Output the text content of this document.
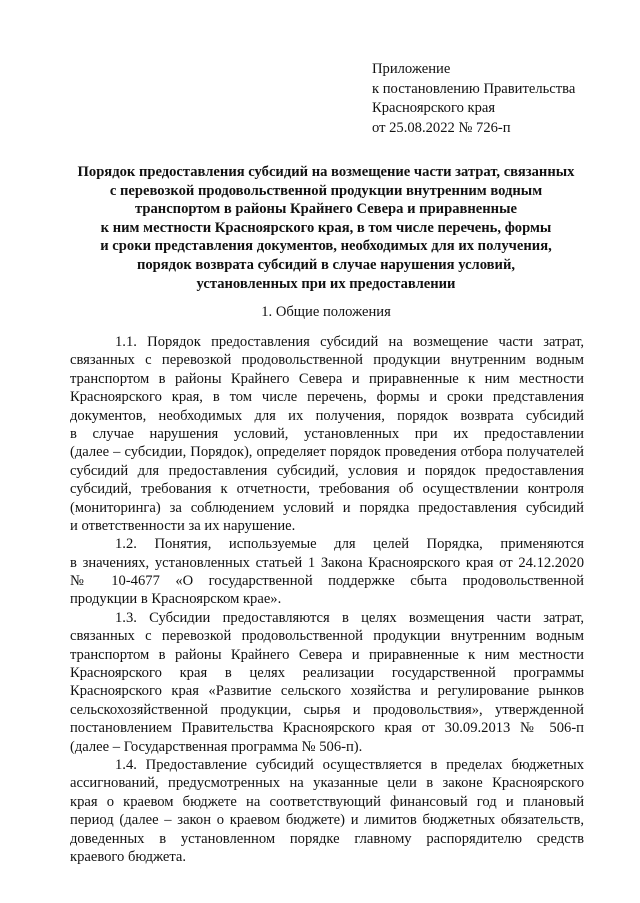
Приложение
к постановлению Правительства
Красноярского края
от 25.08.2022 № 726-п
Порядок предоставления субсидий на возмещение части затрат, связанных
с перевозкой продовольственной продукции внутренним водным
транспортом в районы Крайнего Севера и приравненные
к ним местности Красноярского края, в том числе перечень, формы
и сроки представления документов, необходимых для их получения,
порядок возврата субсидий в случае нарушения условий,
установленных при их предоставлении
1. Общие положения
1.1. Порядок предоставления субсидий на возмещение части затрат,
связанных с перевозкой продовольственной продукции внутренним водным
транспортом в районы Крайнего Севера и приравненные к ним местности
Красноярского края, в том числе перечень, формы и сроки представления
документов, необходимых для их получения, порядок возврата субсидий
в случае нарушения условий, установленных при их предоставлении
(далее – субсидии, Порядок), определяет порядок проведения отбора получателей
субсидий для предоставления субсидий, условия и порядок предоставления
субсидий, требования к отчетности, требования об осуществлении контроля
(мониторинга) за соблюдением условий и порядка предоставления субсидий
и ответственности за их нарушение.
1.2. Понятия, используемые для целей Порядка, применяются
в значениях, установленных статьей 1 Закона Красноярского края от 24.12.2020
№ 10-4677 «О государственной поддержке сбыта продовольственной
продукции в Красноярском крае».
1.3. Субсидии предоставляются в целях возмещения части затрат,
связанных с перевозкой продовольственной продукции внутренним водным
транспортом в районы Крайнего Севера и приравненные к ним местности
Красноярского края в целях реализации государственной программы
Красноярского края «Развитие сельского хозяйства и регулирование рынков
сельскохозяйственной продукции, сырья и продовольствия», утвержденной
постановлением Правительства Красноярского края от 30.09.2013 № 506-п
(далее – Государственная программа № 506-п).
1.4. Предоставление субсидий осуществляется в пределах бюджетных
ассигнований, предусмотренных на указанные цели в законе Красноярского
края о краевом бюджете на соответствующий финансовый год и плановый
период (далее – закон о краевом бюджете) и лимитов бюджетных обязательств,
доведенных в установленном порядке главному распорядителю средств
краевого бюджета.
